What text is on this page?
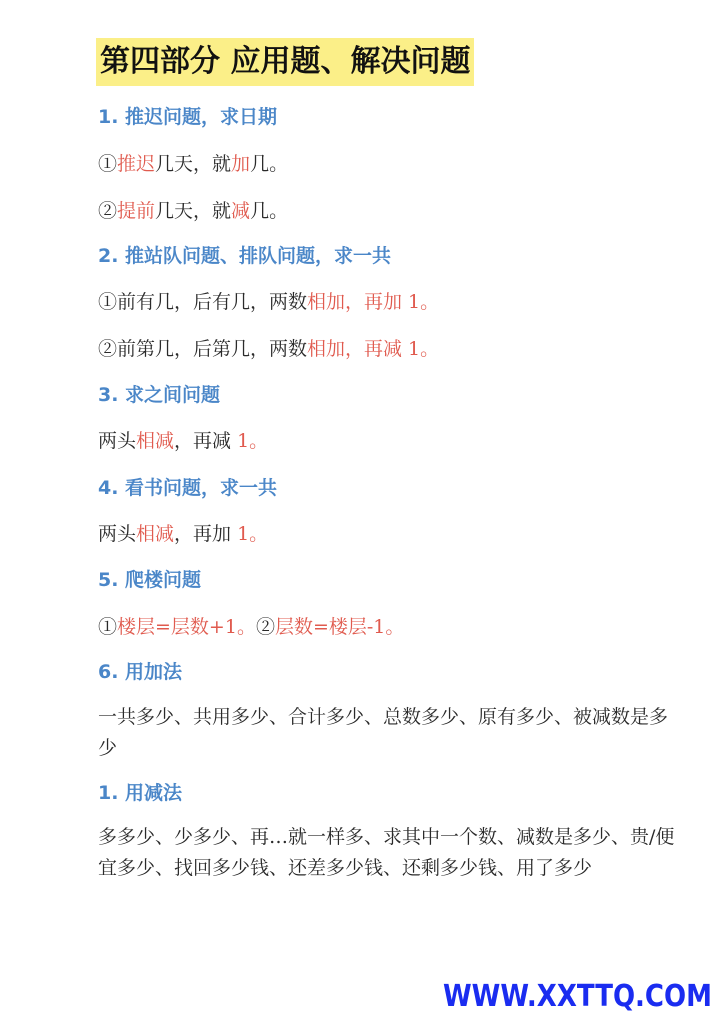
第四部分 应用题、解决问题
1. 推迟问题，求日期
①推迟几天，就加几。
②提前几天，就减几。
2. 推站队问题、排队问题，求一共
①前有几，后有几，两数相加，再加 1。
②前第几，后第几，两数相加，再减 1。
3. 求之间问题
两头相减，再减 1。
4. 看书问题，求一共
两头相减，再加 1。
5. 爬楼问题
①楼层=层数+1。②层数=楼层-1。
6. 用加法
一共多少、共用多少、合计多少、总数多少、原有多少、被减数是多少
1. 用减法
多多少、少多少、再…就一样多、求其中一个数、减数是多少、贵/便宜多少、找回多少钱、还差多少钱、还剩多少钱、用了多少
WWW.XXTTQ.COM
